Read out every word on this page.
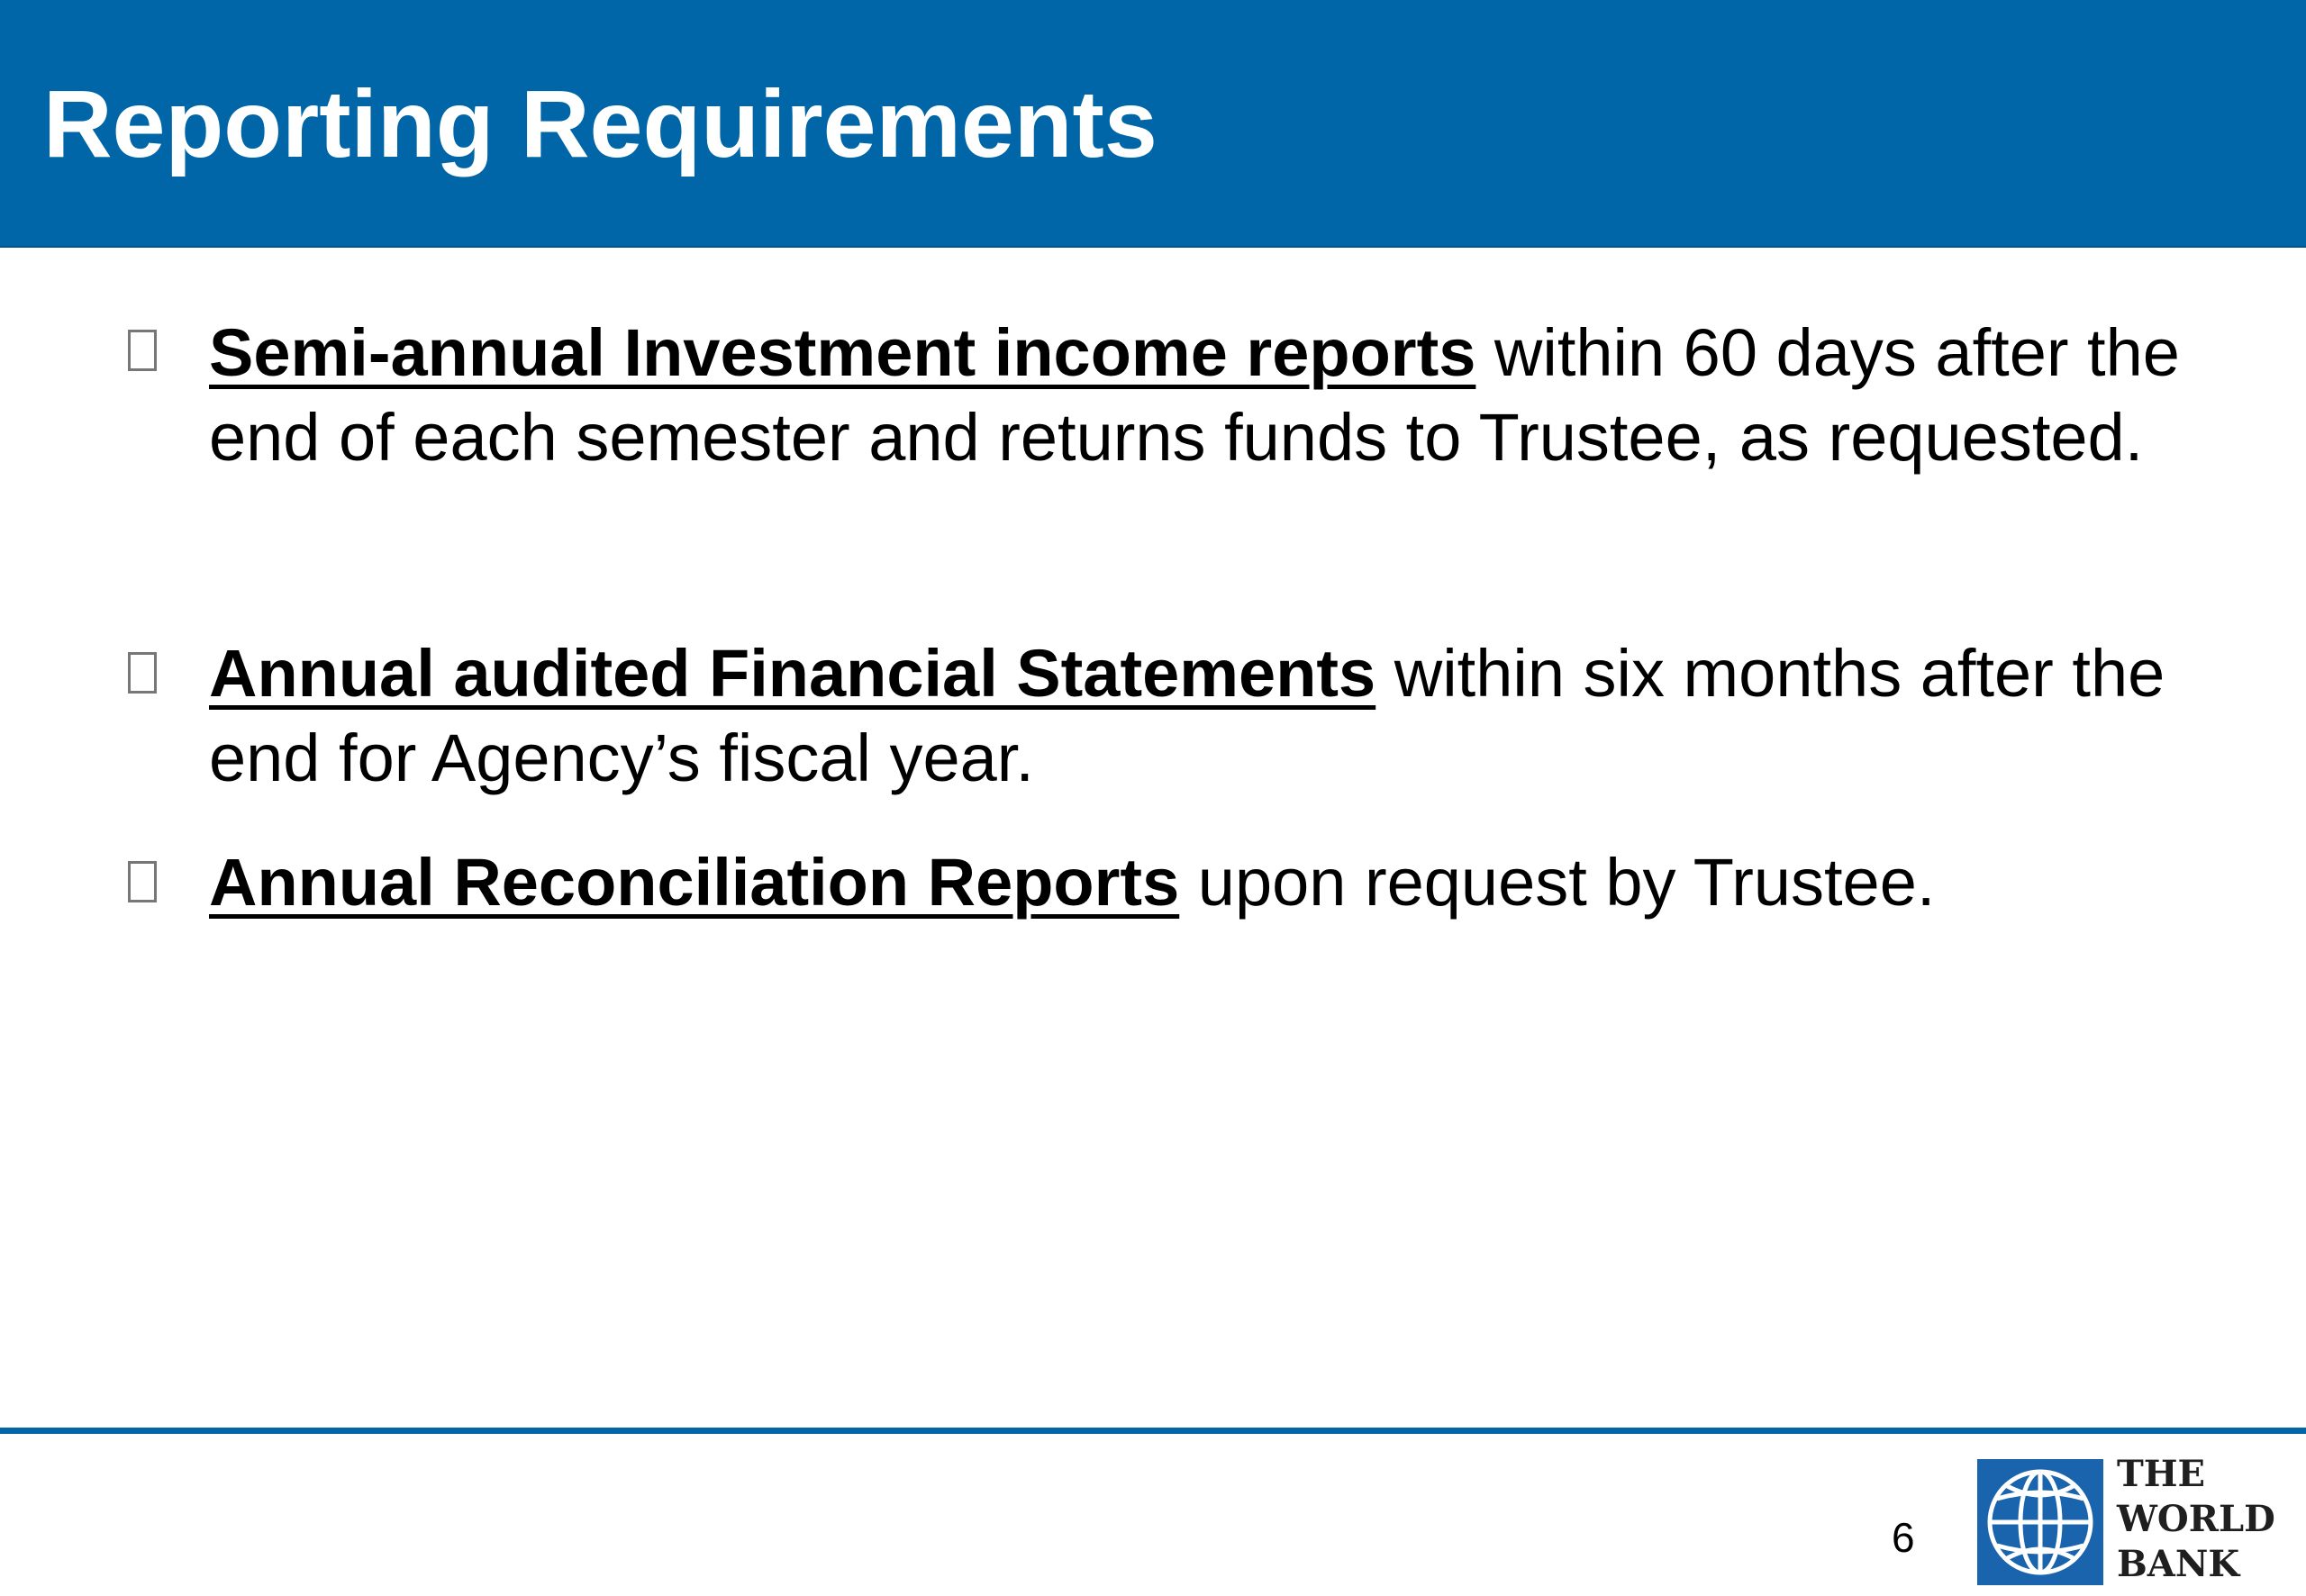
Reporting Requirements

Semi-annual Investment income reports within 60 days after the end of each semester and returns funds to Trustee, as requested.

Annual audited Financial Statements within six months after the end for Agency’s fiscal year.

Annual Reconciliation Reports upon request by Trustee.

6
THE
WORLD
BANK
